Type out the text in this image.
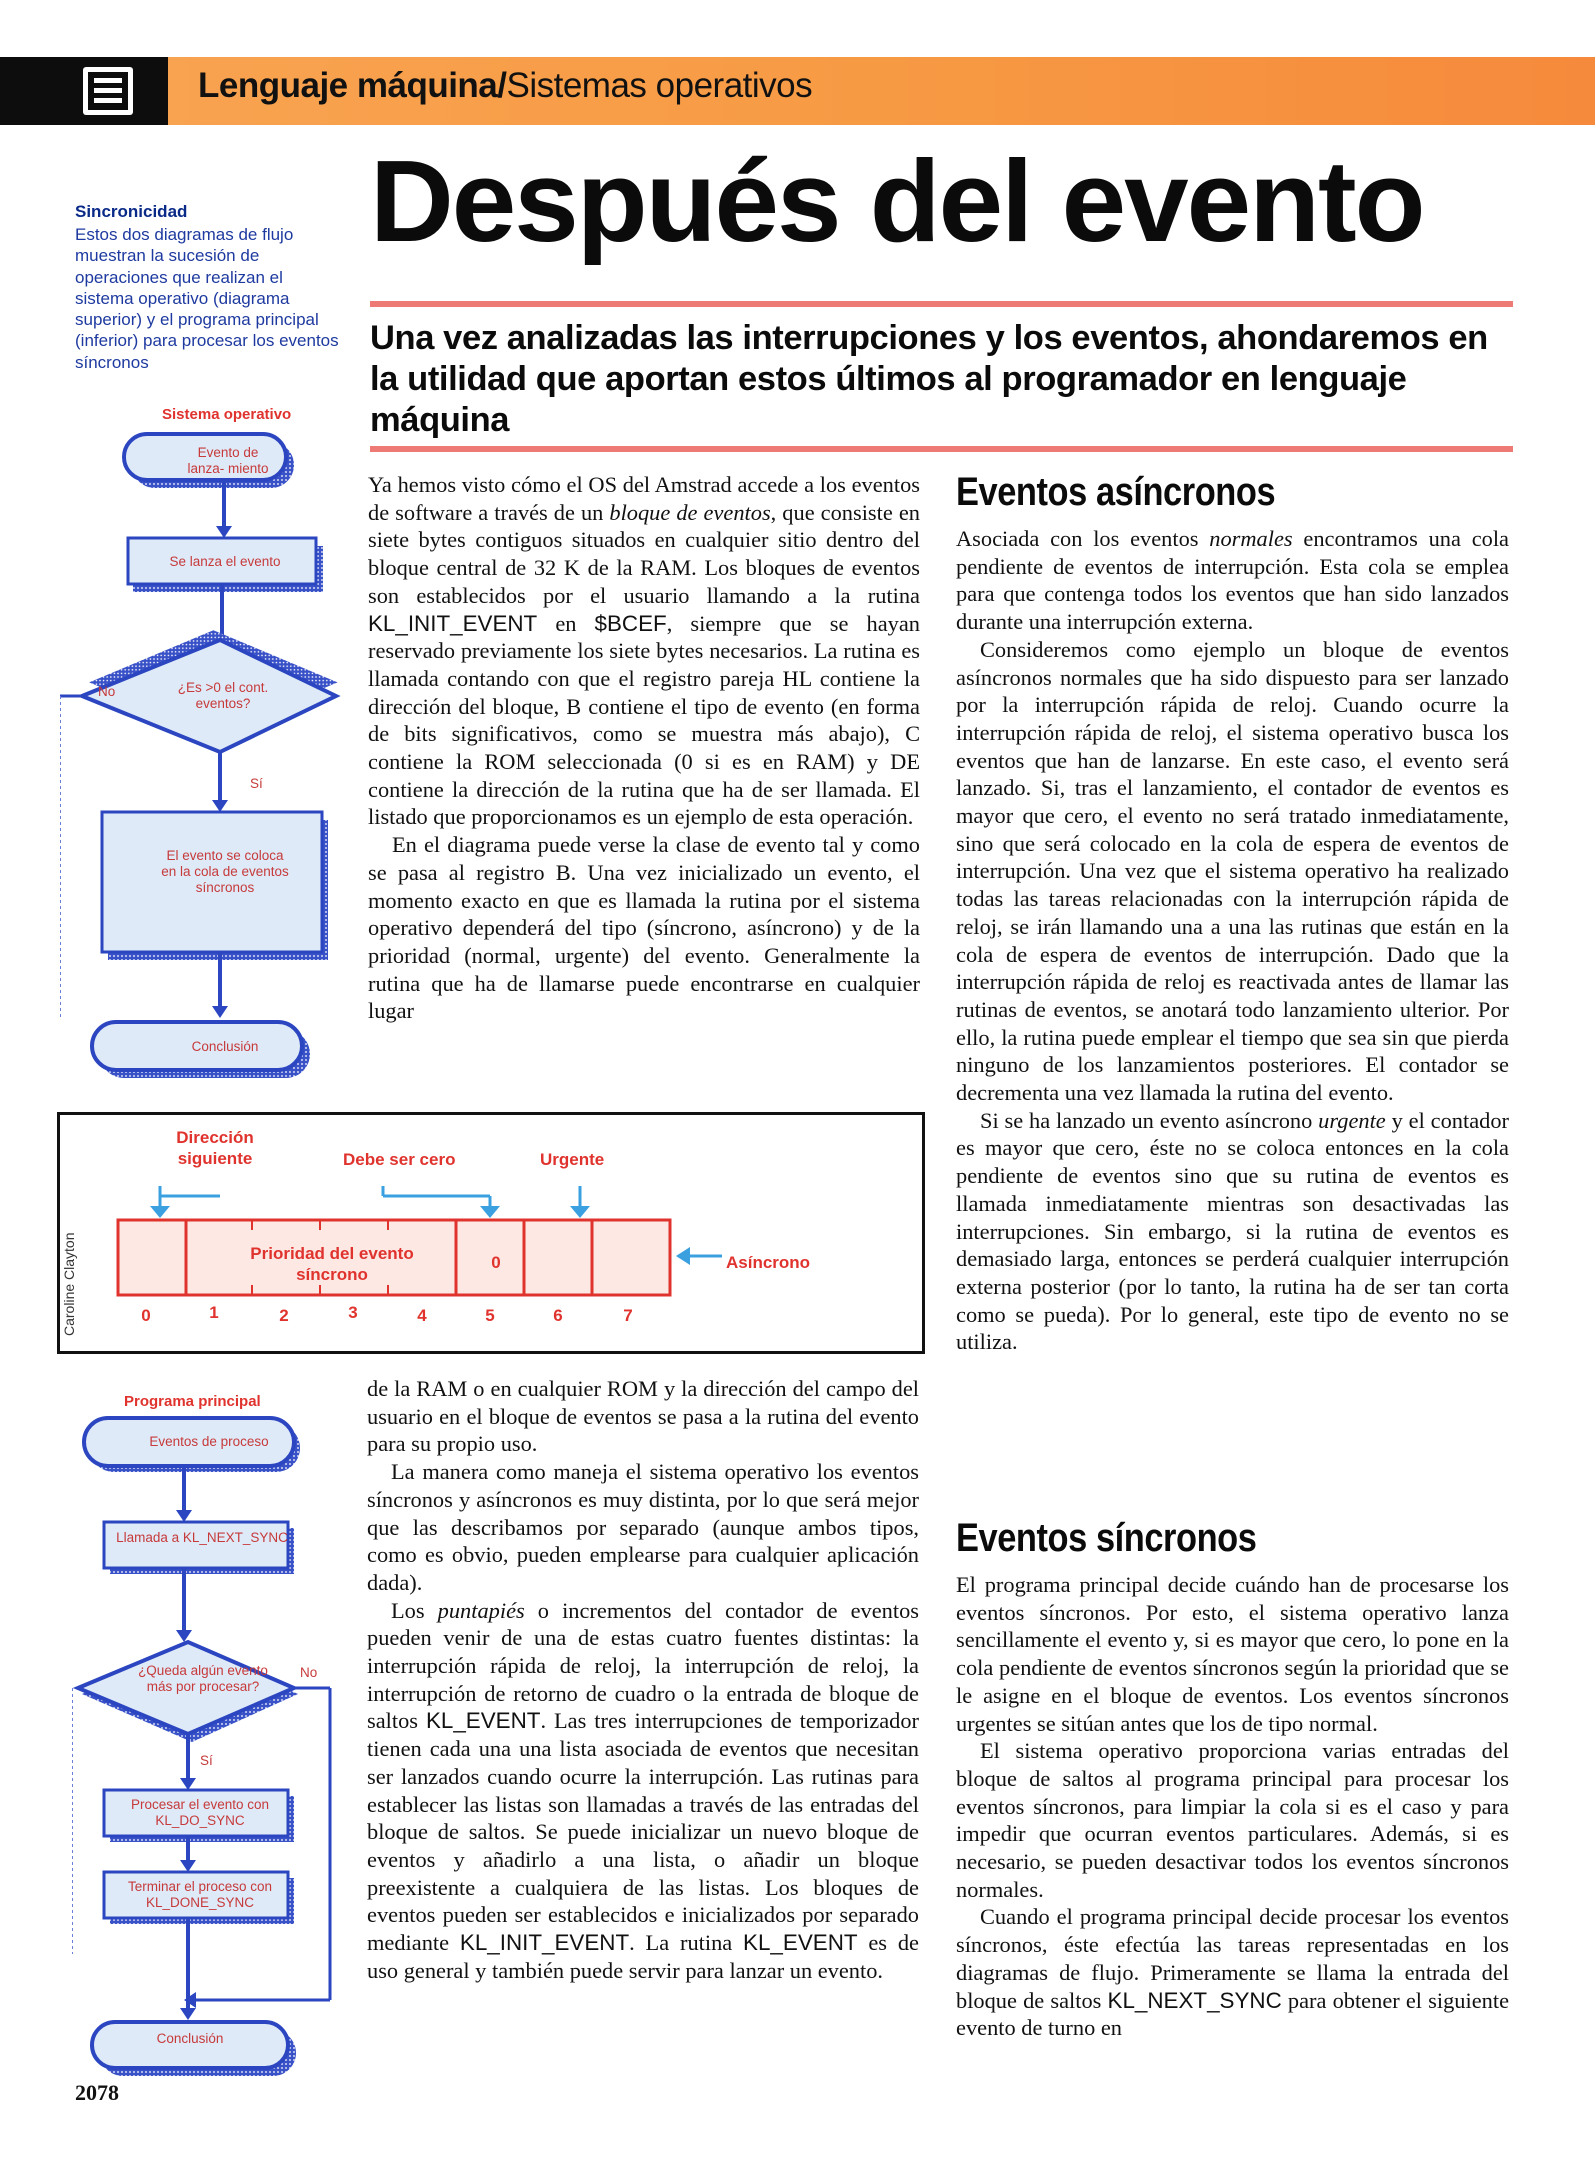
Lenguaje máquina/Sistemas operativos
Sincronicidad
Estos dos diagramas de flujo muestran la sucesión de operaciones que realizan el sistema operativo (diagrama superior) y el programa principal (inferior) para procesar los eventos síncronos
Después del evento
Una vez analizadas las interrupciones y los eventos, ahondaremos en la utilidad que aportan estos últimos al programador en lenguaje máquina
Sistema operativo
Evento de lanza- miento
Se lanza el evento
¿Es >0 el cont. eventos?
No
Sí
El evento se coloca en la cola de eventos síncronos
Conclusión
Dirección siguiente	Debe ser cero	Urgente
Asíncrono
Prioridad del evento síncrono
0
0	1	2	3	4	5	6	7
Caroline Clayton
Programa principal
Eventos de proceso
Llamada a KL_NEXT_SYNC
¿Queda algún evento más por procesar?
No
Sí
Procesar el evento con KL_DO_SYNC
Terminar el proceso con KL_DONE_SYNC
Conclusión

Ya hemos visto cómo el OS del Amstrad accede a los eventos de software a través de un bloque de eventos, que consiste en siete bytes contiguos situados en cualquier sitio dentro del bloque central de 32 K de la RAM. Los bloques de eventos son establecidos por el usuario llamando a la rutina KL_INIT_EVENT en $BCEF, siempre que se hayan reservado previamente los siete bytes necesarios. La rutina es llamada contando con que el registro pareja HL contiene la dirección del bloque, B contiene el tipo de evento (en forma de bits significativos, como se muestra más abajo), C contiene la ROM seleccionada (0 si es en RAM) y DE contiene la dirección de la rutina que ha de ser llamada. El listado que proporcionamos es un ejemplo de esta operación.

En el diagrama puede verse la clase de evento tal y como se pasa al registro B. Una vez inicializado un evento, el momento exacto en que es llamada la rutina por el sistema operativo dependerá del tipo (síncrono, asíncrono) y de la prioridad (normal, urgente) del evento. Generalmente la rutina que ha de llamarse puede encontrarse en cualquier lugar

de la RAM o en cualquier ROM y la dirección del campo del usuario en el bloque de eventos se pasa a la rutina del evento para su propio uso.

La manera como maneja el sistema operativo los eventos síncronos y asíncronos es muy distinta, por lo que será mejor que las describamos por separado (aunque ambos tipos, como es obvio, pueden emplearse para cualquier aplicación dada).

Los puntapiés o incrementos del contador de eventos pueden venir de una de estas cuatro fuentes distintas: la interrupción rápida de reloj, la interrupción de reloj, la interrupción de retorno de cuadro o la entrada de bloque de saltos KL_EVENT. Las tres interrupciones de temporizador tienen cada una una lista asociada de eventos que necesitan ser lanzados cuando ocurre la interrupción. Las rutinas para establecer las listas son llamadas a través de las entradas del bloque de saltos. Se puede inicializar un nuevo bloque de eventos y añadirlo a una lista, o añadir un bloque preexistente a cualquiera de las listas. Los bloques de eventos pueden ser establecidos e inicializados por separado mediante KL_INIT_EVENT. La rutina KL_EVENT es de uso general y también puede servir para lanzar un evento.

Eventos asíncronos

Asociada con los eventos normales encontramos una cola pendiente de eventos de interrupción. Esta cola se emplea para que contenga todos los eventos que han sido lanzados durante una interrupción externa.

Consideremos como ejemplo un bloque de eventos asíncronos normales que ha sido dispuesto para ser lanzado por la interrupción rápida de reloj. Cuando ocurre la interrupción rápida de reloj, el sistema operativo busca los eventos que han de lanzarse. En este caso, el evento será lanzado. Si, tras el lanzamiento, el contador de eventos es mayor que cero, el evento no será tratado inmediatamente, sino que será colocado en la cola de espera de eventos de interrupción. Una vez que el sistema operativo ha realizado todas las tareas relacionadas con la interrupción rápida de reloj, se irán llamando una a una las rutinas que están en la cola de espera de eventos de interrupción. Dado que la interrupción rápida de reloj es reactivada antes de llamar las rutinas de eventos, se anotará todo lanzamiento ulterior. Por ello, la rutina puede emplear el tiempo que sea sin que pierda ninguno de los lanzamientos posteriores. El contador se decrementa una vez llamada la rutina del evento.

Si se ha lanzado un evento asíncrono urgente y el contador es mayor que cero, éste no se coloca entonces en la cola pendiente de eventos sino que su rutina de eventos es llamada inmediatamente mientras son desactivadas las interrupciones. Sin embargo, si la rutina de eventos es demasiado larga, entonces se perderá cualquier interrupción externa posterior (por lo tanto, la rutina ha de ser tan corta como se pueda). Por lo general, este tipo de evento no se utiliza.

Eventos síncronos

El programa principal decide cuándo han de procesarse los eventos síncronos. Por esto, el sistema operativo lanza sencillamente el evento y, si es mayor que cero, lo pone en la cola pendiente de eventos síncronos según la prioridad que se le asigne en el bloque de eventos. Los eventos síncronos urgentes se sitúan antes que los de tipo normal.

El sistema operativo proporciona varias entradas del bloque de saltos al programa principal para procesar los eventos síncronos, para limpiar la cola si es el caso y para impedir que ocurran eventos particulares. Además, si es necesario, se pueden desactivar todos los eventos síncronos normales.

Cuando el programa principal decide procesar los eventos síncronos, éste efectúa las tareas representadas en los diagramas de flujo. Primeramente se llama la entrada del bloque de saltos KL_NEXT_SYNC para obtener el siguiente evento de turno en

2078
